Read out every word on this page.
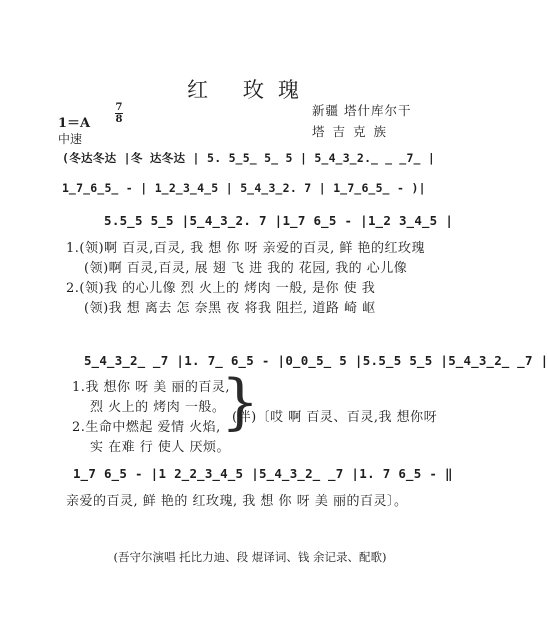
红 玫瑰
1＝A
7
8
中速
新疆 塔什库尔干
塔吉克族
(冬达冬达 |冬 达冬达 | 5. 5̲5̲ 5̲ 5 | 5̲4̲3̲2.̲ ̲ ̲7̲ |
1̲7̲6̲5̲ - | 1̲2̲3̲4̲5 | 5̲4̲3̲2. 7 | 1̲7̲6̲5̲ - )|
5.5̲5 5̲5 |5̲4̲3̲2. 7 |1̲7 6̲5 - |1̲2 3̲4̲5 |
1.(领)啊 百灵,百灵, 我 想 你 呀 亲爱的百灵, 鲜 艳的红玫瑰
(领)啊 百灵,百灵, 展 翅 飞 进 我的 花园, 我的 心儿像
2.(领)我 的心儿像 烈 火上的 烤肉 一般, 是你 使 我
(领)我 想 离去 怎 奈黑 夜 将我 阻拦, 道路 崎 岖
5̲4̲3̲2̲ ̲7 |1. 7̲ 6̲5 - |0̲0̲5̲ 5 |5.5̲5 5̲5 |5̲4̲3̲2̲ ̲7 |
1.我 想你 呀 美 丽的百灵,
烈 火上的 烤肉 一般。
2.生命中燃起 爱情 火焰,
实 在难 行 使人 厌烦。
}
(伴)〔哎 啊 百灵、百灵,我 想你呀
1̲7 6̲5 - |1 2̲2̲3̲4̲5 |5̲4̲3̲2̲ ̲7 |1. 7 6̲5 - ‖
亲爱的百灵, 鲜 艳的 红玫瑰, 我 想 你 呀 美 丽的百灵〕。
(吾守尔演唱 托比力迪、段 焜译词、钱 余记录、配歌)
